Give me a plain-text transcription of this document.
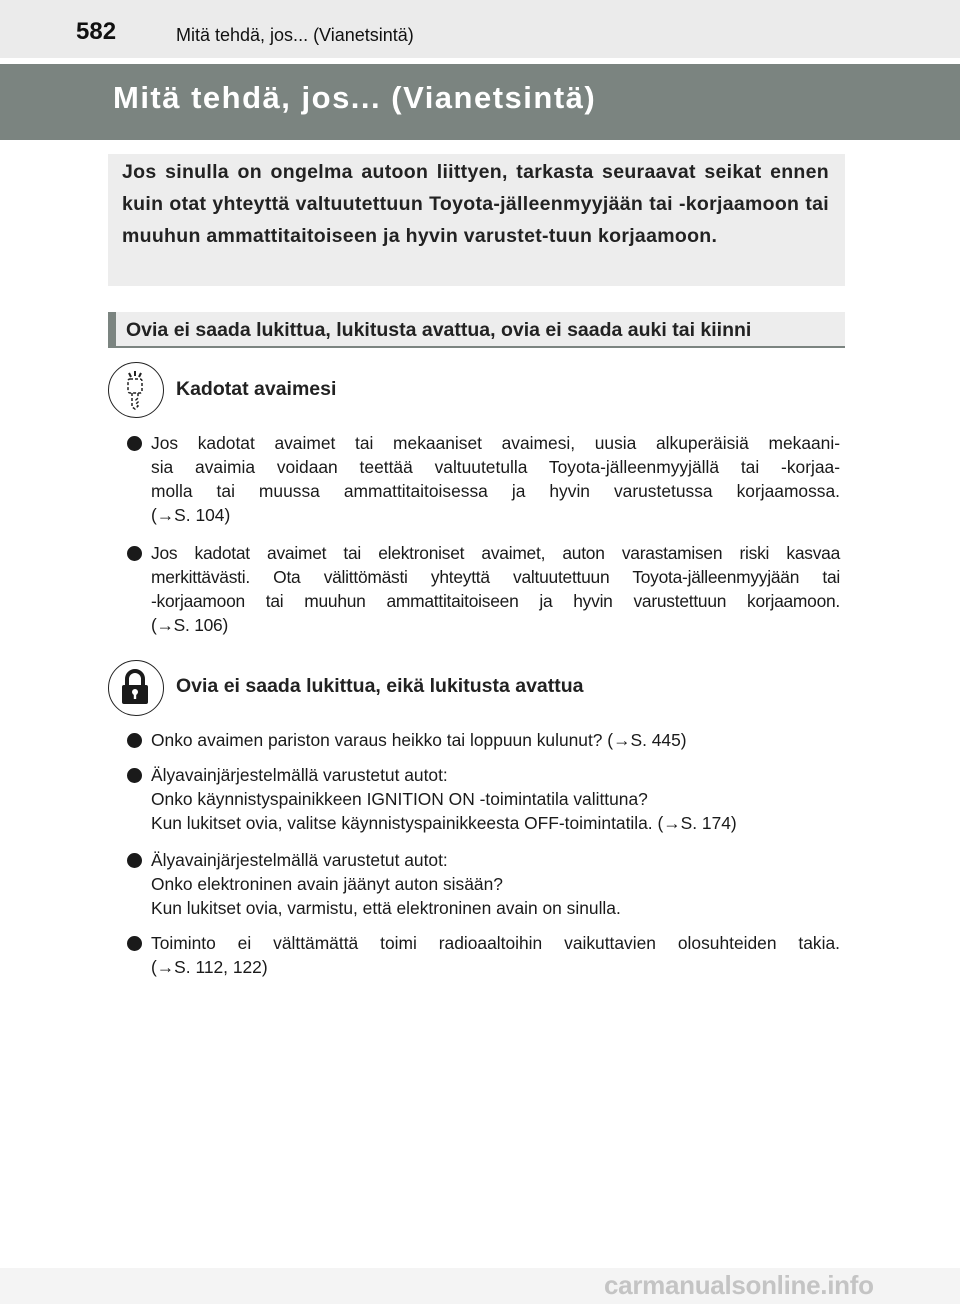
582	Mitä tehdä, jos... (Vianetsintä)
Mitä tehdä, jos... (Vianetsintä)
Jos sinulla on ongelma autoon liittyen, tarkasta seuraavat seikat ennen kuin otat yhteyttä valtuutettuun Toyota-jälleenmyyjään tai -korjaamoon tai muuhun ammattitaitoiseen ja hyvin varustet-tuun korjaamoon.
Ovia ei saada lukittua, lukitusta avattua, ovia ei saada auki tai kiinni
Kadotat avaimesi
Jos kadotat avaimet tai mekaaniset avaimesi, uusia alkuperäisiä mekaani-
sia avaimia voidaan teettää valtuutetulla Toyota-jälleenmyyjällä tai -korjaa-
molla tai muussa ammattitaitoisessa ja hyvin varustetussa korjaamossa.
(→S. 104)
Jos kadotat avaimet tai elektroniset avaimet, auton varastamisen riski kasvaa
merkittävästi. Ota välittömästi yhteyttä valtuutettuun Toyota-jälleenmyyjään tai
-korjaamoon tai muuhun ammattitaitoiseen ja hyvin varustettuun korjaamoon.
(→S. 106)
Ovia ei saada lukittua, eikä lukitusta avattua
Onko avaimen pariston varaus heikko tai loppuun kulunut? (→S. 445)
Älyavainjärjestelmällä varustetut autot:
Onko käynnistyspainikkeen IGNITION ON -toimintatila valittuna?
Kun lukitset ovia, valitse käynnistyspainikkeesta OFF-toimintatila. (→S. 174)
Älyavainjärjestelmällä varustetut autot:
Onko elektroninen avain jäänyt auton sisään?
Kun lukitset ovia, varmistu, että elektroninen avain on sinulla.
Toiminto ei välttämättä toimi radioaaltoihin vaikuttavien olosuhteiden takia.
(→S. 112, 122)
carmanualsonline.info
